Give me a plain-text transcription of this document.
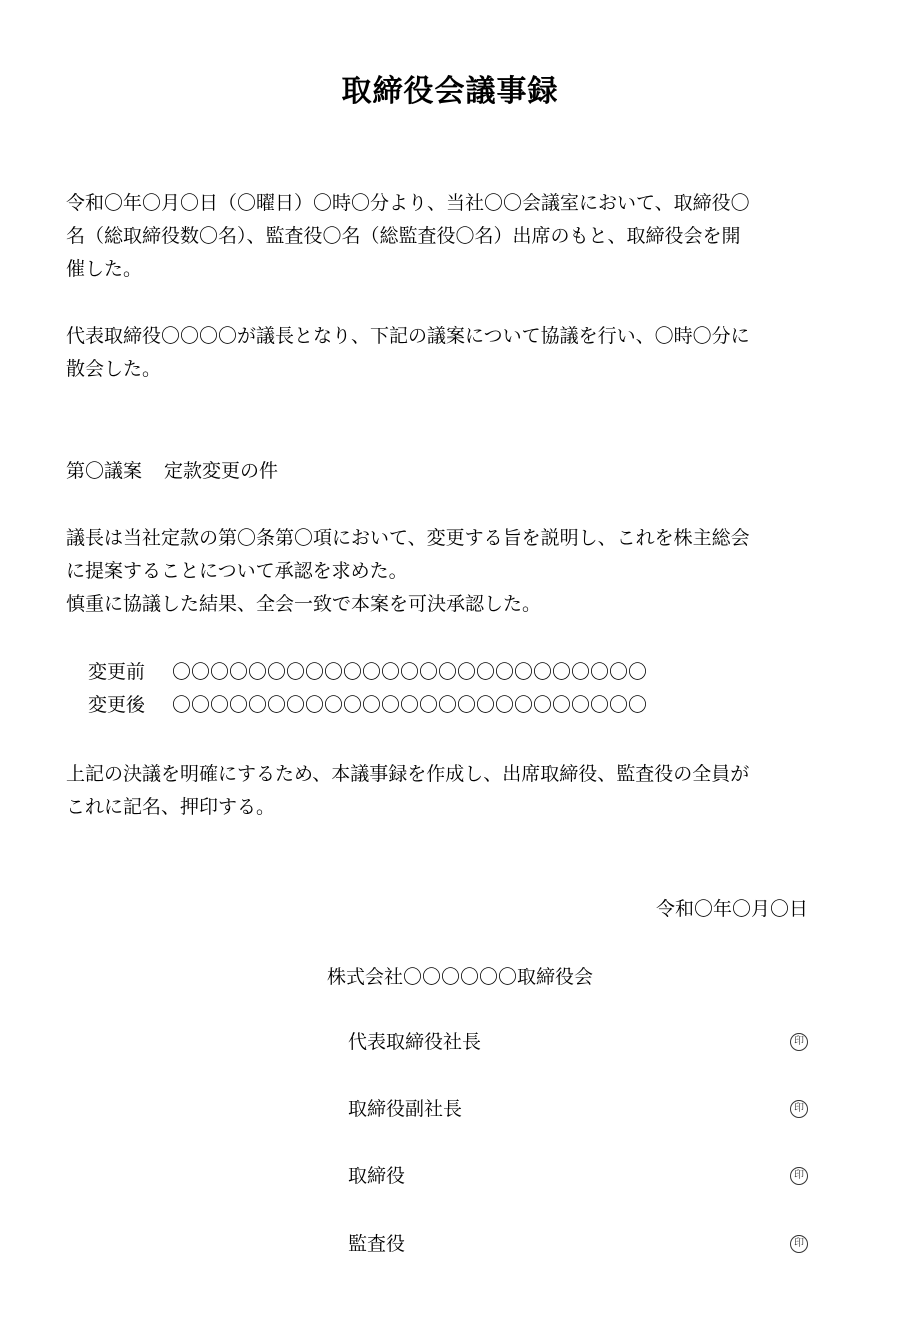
取締役会議事録
令和〇年〇月〇日（〇曜日）〇時〇分より、当社〇〇会議室において、取締役〇
名（総取締役数〇名）、監査役〇名（総監査役〇名）出席のもと、取締役会を開
催した。
代表取締役〇〇〇〇が議長となり、下記の議案について協議を行い、〇時〇分に
散会した。
第〇議案 定款変更の件
議長は当社定款の第〇条第〇項において、変更する旨を説明し、これを株主総会
に提案することについて承認を求めた。
慎重に協議した結果、全会一致で本案を可決承認した。
変更前 〇〇〇〇〇〇〇〇〇〇〇〇〇〇〇〇〇〇〇〇〇〇〇〇〇
変更後 〇〇〇〇〇〇〇〇〇〇〇〇〇〇〇〇〇〇〇〇〇〇〇〇〇
上記の決議を明確にするため、本議事録を作成し、出席取締役、監査役の全員が
これに記名、押印する。
令和〇年〇月〇日
株式会社〇〇〇〇〇〇取締役会
代表取締役社長	印
取締役副社長	印
取締役	印
監査役	印
